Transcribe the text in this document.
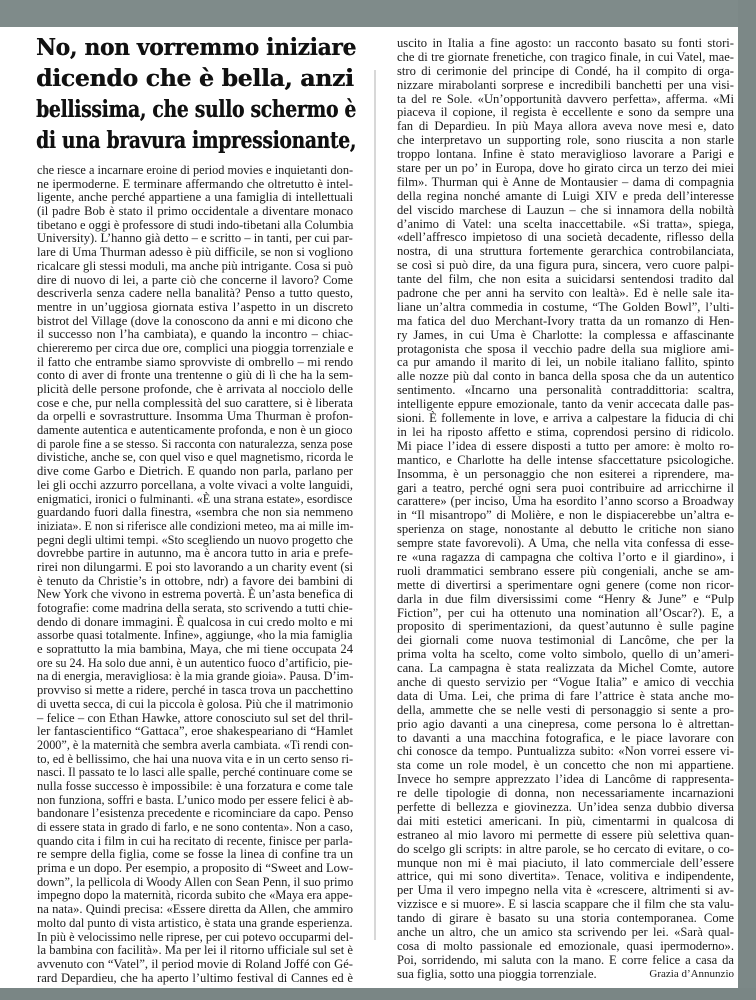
No, non vorremmo iniziare
dicendo che è bella, anzi
bellissima, che sullo schermo è
di una bravura impressionante,
che riesce a incarnare eroine di period movies e inquietanti don-
ne ipermoderne. E terminare affermando che oltretutto è intel-
ligente, anche perché appartiene a una famiglia di intellettuali
(il padre Bob è stato il primo occidentale a diventare monaco
tibetano e oggi è professore di studi indo-tibetani alla Columbia
University). L’hanno già detto – e scritto – in tanti, per cui par-
lare di Uma Thurman adesso è più difficile, se non si vogliono
ricalcare gli stessi moduli, ma anche più intrigante. Cosa si può
dire di nuovo di lei, a parte ciò che concerne il lavoro? Come
descriverla senza cadere nella banalità? Penso a tutto questo,
mentre in un’uggiosa giornata estiva l’aspetto in un discreto
bistrot del Village (dove la conoscono da anni e mi dicono che
il successo non l’ha cambiata), e quando la incontro – chiac-
chiereremo per circa due ore, complici una pioggia torrenziale e
il fatto che entrambe siamo sprovviste di ombrello – mi rendo
conto di aver di fronte una trentenne o giù di lì che ha la sem-
plicità delle persone profonde, che è arrivata al nocciolo delle
cose e che, pur nella complessità del suo carattere, si è liberata
da orpelli e sovrastrutture. Insomma Uma Thurman è profon-
damente autentica e autenticamente profonda, e non è un gioco
di parole fine a se stesso. Si racconta con naturalezza, senza pose
divistiche, anche se, con quel viso e quel magnetismo, ricorda le
dive come Garbo e Dietrich. E quando non parla, parlano per
lei gli occhi azzurro porcellana, a volte vivaci a volte languidi,
enigmatici, ironici o fulminanti. «È una strana estate», esordisce
guardando fuori dalla finestra, «sembra che non sia nemmeno
iniziata». E non si riferisce alle condizioni meteo, ma ai mille im-
pegni degli ultimi tempi. «Sto scegliendo un nuovo progetto che
dovrebbe partire in autunno, ma è ancora tutto in aria e prefe-
rirei non dilungarmi. E poi sto lavorando a un charity event (si
è tenuto da Christie’s in ottobre, ndr) a favore dei bambini di
New York che vivono in estrema povertà. È un’asta benefica di
fotografie: come madrina della serata, sto scrivendo a tutti chie-
dendo di donare immagini. È qualcosa in cui credo molto e mi
assorbe quasi totalmente. Infine», aggiunge, «ho la mia famiglia
e soprattutto la mia bambina, Maya, che mi tiene occupata 24
ore su 24. Ha solo due anni, è un autentico fuoco d’artificio, pie-
na di energia, meravigliosa: è la mia grande gioia». Pausa. D’im-
provviso si mette a ridere, perché in tasca trova un pacchettino
di uvetta secca, di cui la piccola è golosa. Più che il matrimonio
– felice – con Ethan Hawke, attore conosciuto sul set del thril-
ler fantascientifico “Gattaca”, eroe shakespeariano di “Hamlet
2000”, è la maternità che sembra averla cambiata. «Ti rendi con-
to, ed è bellissimo, che hai una nuova vita e in un certo senso ri-
nasci. Il passato te lo lasci alle spalle, perché continuare come se
nulla fosse successo è impossibile: è una forzatura e come tale
non funziona, soffri e basta. L’unico modo per essere felici è ab-
bandonare l’esistenza precedente e ricominciare da capo. Penso
di essere stata in grado di farlo, e ne sono contenta». Non a caso,
quando cita i film in cui ha recitato di recente, finisce per parla-
re sempre della figlia, come se fosse la linea di confine tra un
prima e un dopo. Per esempio, a proposito di “Sweet and Low-
down”, la pellicola di Woody Allen con Sean Penn, il suo primo
impegno dopo la maternità, ricorda subito che «Maya era appe-
na nata». Quindi precisa: «Essere diretta da Allen, che ammiro
molto dal punto di vista artistico, è stata una grande esperienza.
In più è velocissimo nelle riprese, per cui potevo occuparmi del-
la bambina con facilità». Ma per lei il ritorno ufficiale sul set è
avvenuto con “Vatel”, il period movie di Roland Joffé con Gé-
rard Depardieu, che ha aperto l’ultimo festival di Cannes ed è
uscito in Italia a fine agosto: un racconto basato su fonti stori-
che di tre giornate frenetiche, con tragico finale, in cui Vatel, mae-
stro di cerimonie del principe di Condé, ha il compito di orga-
nizzare mirabolanti sorprese e incredibili banchetti per una visi-
ta del re Sole. «Un’opportunità davvero perfetta», afferma. «Mi
piaceva il copione, il regista è eccellente e sono da sempre una
fan di Depardieu. In più Maya allora aveva nove mesi e, dato
che interpretavo un supporting role, sono riuscita a non starle
troppo lontana. Infine è stato meraviglioso lavorare a Parigi e
stare per un po’ in Europa, dove ho girato circa un terzo dei miei
film». Thurman qui è Anne de Montausier – dama di compagnia
della regina nonché amante di Luigi XIV e preda dell’interesse
del viscido marchese di Lauzun – che si innamora della nobiltà
d’animo di Vatel: una scelta inaccettabile. «Si tratta», spiega,
«dell’affresco impietoso di una società decadente, riflesso della
nostra, di una struttura fortemente gerarchica controbilanciata,
se così si può dire, da una figura pura, sincera, vero cuore palpi-
tante del film, che non esita a suicidarsi sentendosi tradito dal
padrone che per anni ha servito con lealtà». Ed è nelle sale ita-
liane un’altra commedia in costume, “The Golden Bowl”, l’ulti-
ma fatica del duo Merchant-Ivory tratta da un romanzo di Hen-
ry James, in cui Uma è Charlotte: la complessa e affascinante
protagonista che sposa il vecchio padre della sua migliore ami-
ca pur amando il marito di lei, un nobile italiano fallito, spinto
alle nozze più dal conto in banca della sposa che da un autentico
sentimento. «Incarno una personalità contraddittoria: scaltra,
intelligente eppure emozionale, tanto da venir accecata dalle pas-
sioni. È follemente in love, e arriva a calpestare la fiducia di chi
in lei ha riposto affetto e stima, coprendosi persino di ridicolo.
Mi piace l’idea di essere disposti a tutto per amore: è molto ro-
mantico, e Charlotte ha delle intense sfaccettature psicologiche.
Insomma, è un personaggio che non esiterei a riprendere, ma-
gari a teatro, perché ogni sera puoi contribuire ad arricchirne il
carattere» (per inciso, Uma ha esordito l’anno scorso a Broadway
in “Il misantropo” di Molière, e non le dispiacerebbe un’altra e-
sperienza on stage, nonostante al debutto le critiche non siano
sempre state favorevoli). A Uma, che nella vita confessa di esse-
re «una ragazza di campagna che coltiva l’orto e il giardino», i
ruoli drammatici sembrano essere più congeniali, anche se am-
mette di divertirsi a sperimentare ogni genere (come non ricor-
darla in due film diversissimi come “Henry & June” e “Pulp
Fiction”, per cui ha ottenuto una nomination all’Oscar?). E, a
proposito di sperimentazioni, da quest’autunno è sulle pagine
dei giornali come nuova testimonial di Lancôme, che per la
prima volta ha scelto, come volto simbolo, quello di un’ameri-
cana. La campagna è stata realizzata da Michel Comte, autore
anche di questo servizio per “Vogue Italia” e amico di vecchia
data di Uma. Lei, che prima di fare l’attrice è stata anche mo-
della, ammette che se nelle vesti di personaggio si sente a pro-
prio agio davanti a una cinepresa, come persona lo è altrettan-
to davanti a una macchina fotografica, e le piace lavorare con
chi conosce da tempo. Puntualizza subito: «Non vorrei essere vi-
sta come un role model, è un concetto che non mi appartiene.
Invece ho sempre apprezzato l’idea di Lancôme di rappresenta-
re delle tipologie di donna, non necessariamente incarnazioni
perfette di bellezza e giovinezza. Un’idea senza dubbio diversa
dai miti estetici americani. In più, cimentarmi in qualcosa di
estraneo al mio lavoro mi permette di essere più selettiva quan-
do scelgo gli scripts: in altre parole, se ho cercato di evitare, o co-
munque non mi è mai piaciuto, il lato commerciale dell’essere
attrice, qui mi sono divertita». Tenace, volitiva e indipendente,
per Uma il vero impegno nella vita è «crescere, altrimenti si av-
vizzisce e si muore». E si lascia scappare che il film che sta valu-
tando di girare è basato su una storia contemporanea. Come
anche un altro, che un amico sta scrivendo per lei. «Sarà qual-
cosa di molto passionale ed emozionale, quasi ipermoderno».
Poi, sorridendo, mi saluta con la mano. E corre felice a casa da
sua figlia, sotto una pioggia torrenziale.	Grazia d’Annunzio
